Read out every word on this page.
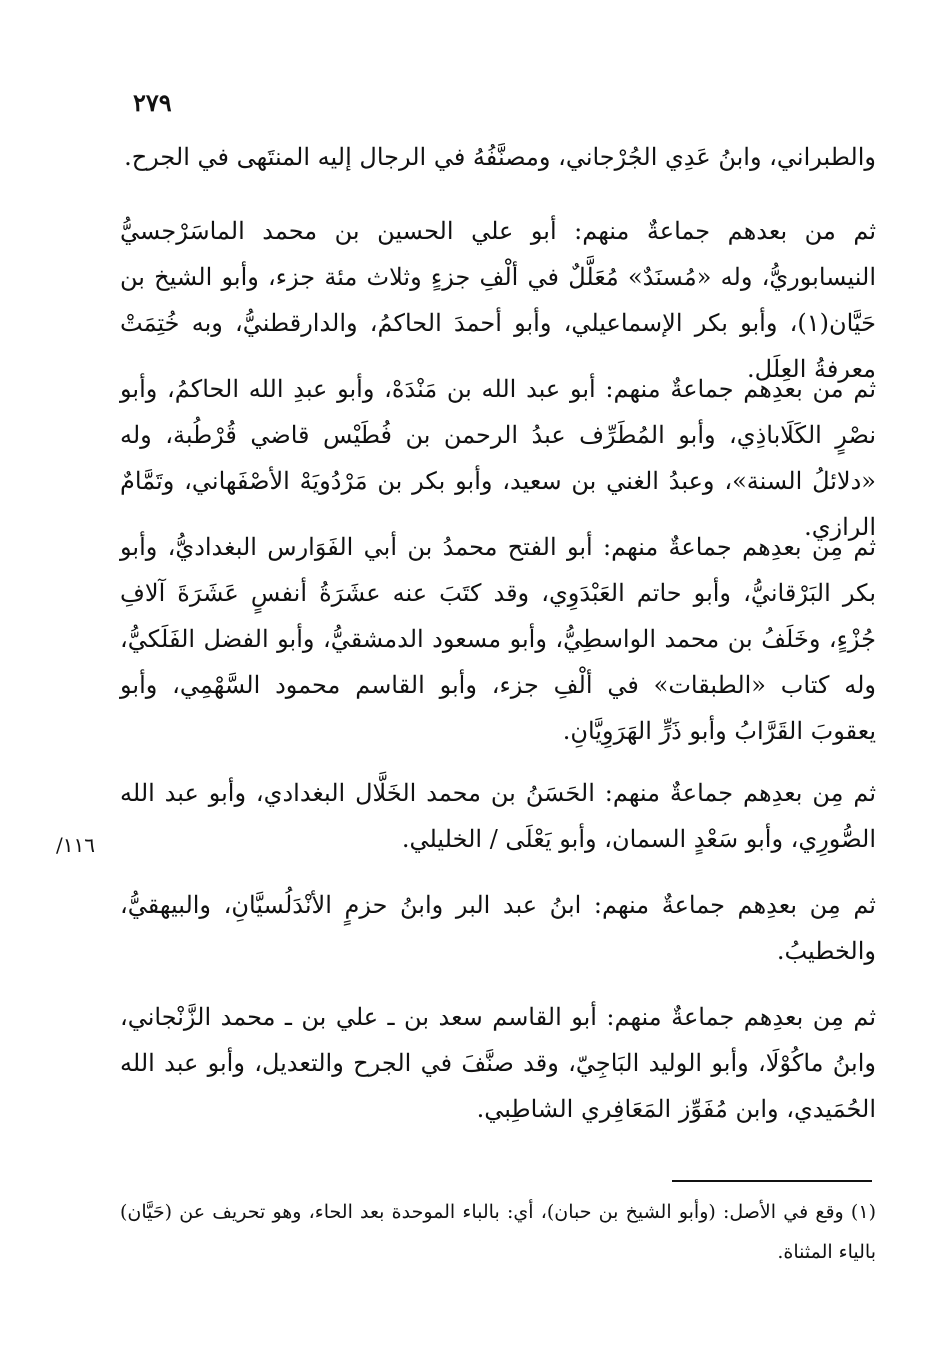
٢٧٩

والطبراني، وابنُ عَدِي الجُرْجاني، ومصنَّفُهُ في الرجال إليه المنتَهى في الجرح.

ثم من بعدهم جماعةٌ منهم: أبو علي الحسين بن محمد الماسَرْجسيُّ النيسابوريُّ، وله «مُسنَدٌ» مُعَلَّلٌ في ألْفِ جزءٍ وثلاث مئة جزء، وأبو الشيخ بن حَيَّان(١)، وأبو بكر الإسماعيلي، وأبو أحمدَ الحاكمُ، والدارقطنيُّ، وبه خُتِمَتْ معرفةُ العِلَل.

ثم من بعدِهم جماعةٌ منهم: أبو عبد الله بن مَنْدَهْ، وأبو عبدِ الله الحاكمُ، وأبو نصْرٍ الكَلَاباذِي، وأبو المُطَرِّف عبدُ الرحمن بن فُطَيْس قاضي قُرْطُبة، وله «دلائلُ السنة»، وعبدُ الغني بن سعيد، وأبو بكر بن مَرْدُويَهْ الأصْفَهاني، وتَمَّامٌ الرازي.

ثم مِن بعدِهم جماعةٌ منهم: أبو الفتح محمدُ بن أبي الفَوَارس البغداديُّ، وأبو بكر البَرْقانيُّ، وأبو حاتم العَبْدَوِي، وقد كتَبَ عنه عشَرَةُ أنفسٍ عَشَرَةَ آلافِ جُزْءٍ، وخَلَفُ بن محمد الواسطِيُّ، وأبو مسعود الدمشقيُّ، وأبو الفضل الفَلَكيُّ، وله كتاب «الطبقات» في ألْفِ جزء، وأبو القاسم محمود السَّهْمِي، وأبو يعقوبَ القَرَّابُ وأبو ذَرٍّ الهَرَوِيَّانِ.

ثم مِن بعدِهم جماعةٌ منهم: الحَسَنُ بن محمد الخَلَّال البغدادي، وأبو عبد الله الصُّورِي، وأبو سَعْدٍ السمان، وأبو يَعْلَى / الخليلي.

١١٦/

ثم مِن بعدِهم جماعةٌ منهم: ابنُ عبد البر وابنُ حزمٍ الأنْدَلُسيَّانِ، والبيهقيُّ، والخطيبُ.

ثم مِن بعدِهم جماعةٌ منهم: أبو القاسم سعد بن ـ علي بن ـ محمد الزَّنْجاني، وابنُ ماكُوْلَا، وأبو الوليد البَاجِيّ، وقد صنَّفَ في الجرح والتعديل، وأبو عبد الله الحُمَيدي، وابن مُفَوِّز المَعَافِري الشاطِبي.

(١) وقع في الأصل: (وأبو الشيخ بن حبان)، أي: بالباء الموحدة بعد الحاء، وهو تحريف عن (حَيَّان) بالياء المثناة.
